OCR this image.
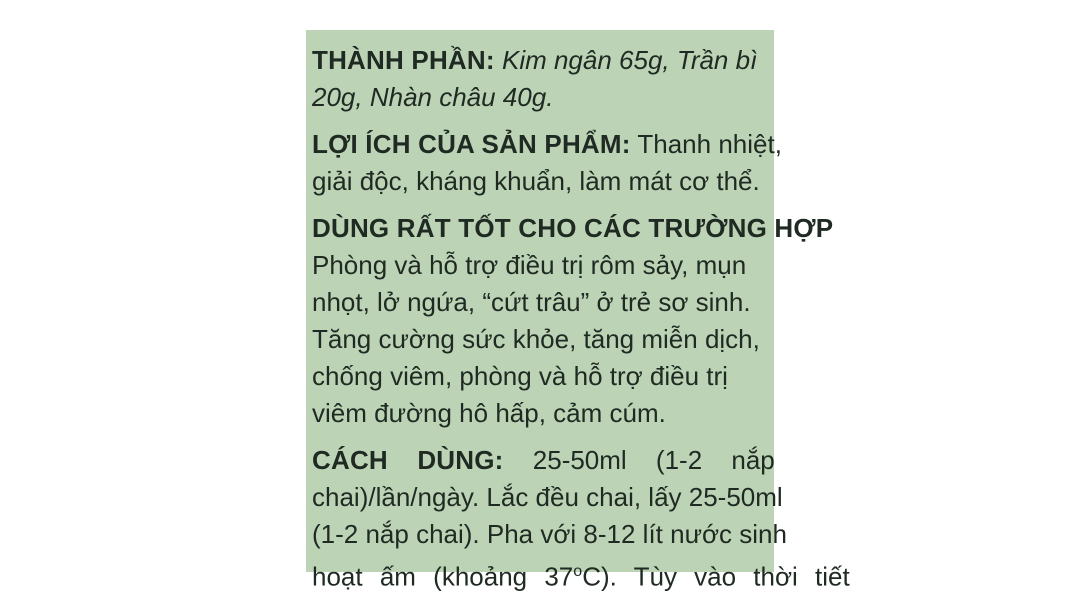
THÀNH PHẦN: Kim ngân 65g, Trần bì

20g, Nhàn châu 40g.

LỢI ÍCH CỦA SẢN PHẨM: Thanh nhiệt,

giải độc, kháng khuẩn, làm mát cơ thể.

DÙNG RẤT TỐT CHO CÁC TRƯỜNG HỢP

Phòng và hỗ trợ điều trị rôm sảy, mụn

nhọt, lở ngứa, “cứt trâu” ở trẻ sơ sinh.

Tăng cường sức khỏe, tăng miễn dịch,

chống viêm, phòng và hỗ trợ điều trị

viêm đường hô hấp, cảm cúm.

CÁCH DÙNG: 25-50ml (1-2 nắp

chai)/lần/ngày. Lắc đều chai, lấy 25-50ml

(1-2 nắp chai). Pha với 8-12 lít nước sinh

hoạt ấm (khoảng 37$^o$C). Tùy vào thời tiết
